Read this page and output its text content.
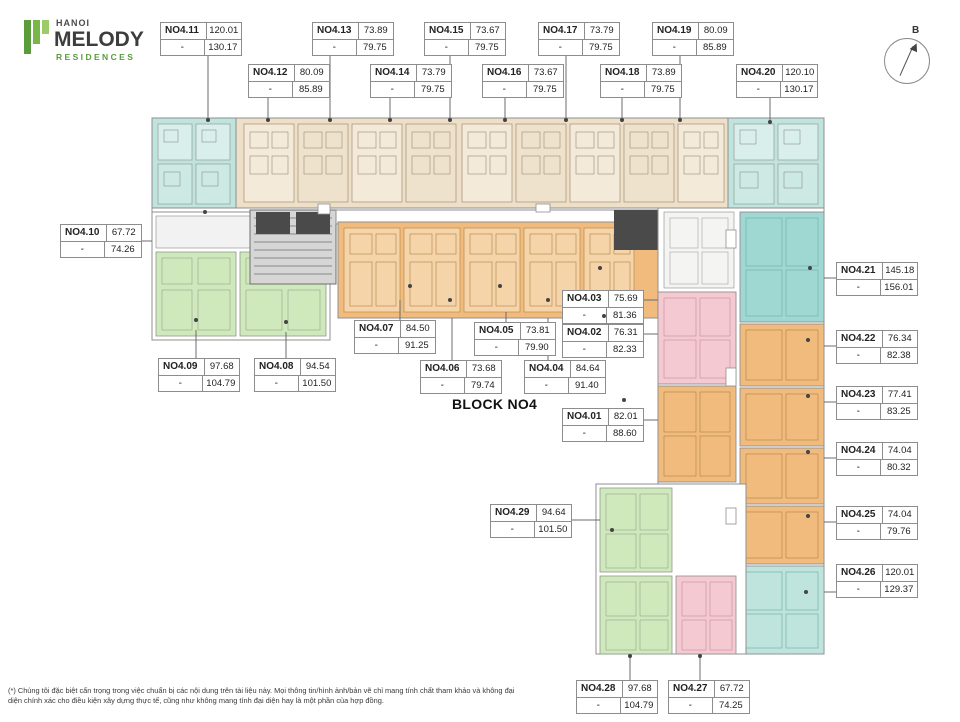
HANOI
MELODY
RESIDENCES
B
BLOCK NO4
NO4.11	120.01
-	130.17
NO4.12	80.09
-	85.89
NO4.13	73.89
-	79.75
NO4.14	73.79
-	79.75
NO4.15	73.67
-	79.75
NO4.16	73.67
-	79.75
NO4.17	73.79
-	79.75
NO4.18	73.89
-	79.75
NO4.19	80.09
-	85.89
NO4.20	120.10
-	130.17
NO4.10	67.72
-	74.26
NO4.09	97.68
-	104.79
NO4.08	94.54
-	101.50
NO4.07	84.50
-	91.25
NO4.06	73.68
-	79.74
NO4.05	73.81
-	79.90
NO4.04	84.64
-	91.40
NO4.03	75.69
-	81.36
NO4.02	76.31
-	82.33
NO4.01	82.01
-	88.60
NO4.21	145.18
-	156.01
NO4.22	76.34
-	82.38
NO4.23	77.41
-	83.25
NO4.24	74.04
-	80.32
NO4.25	74.04
-	79.76
NO4.26	120.01
-	129.37
NO4.27	67.72
-	74.25
NO4.28	97.68
-	104.79
NO4.29	94.64
-	101.50
(*) Chúng tôi đặc biệt cẩn trọng trong việc chuẩn bị các nội dung trên tài liệu này. Mọi thông tin/hình ảnh/bản vẽ chỉ mang tính chất tham khảo và không đại diện chính xác cho điều kiện xây dựng thực tế, cũng như không mang tính đại diện hay là một phần của hợp đồng.
